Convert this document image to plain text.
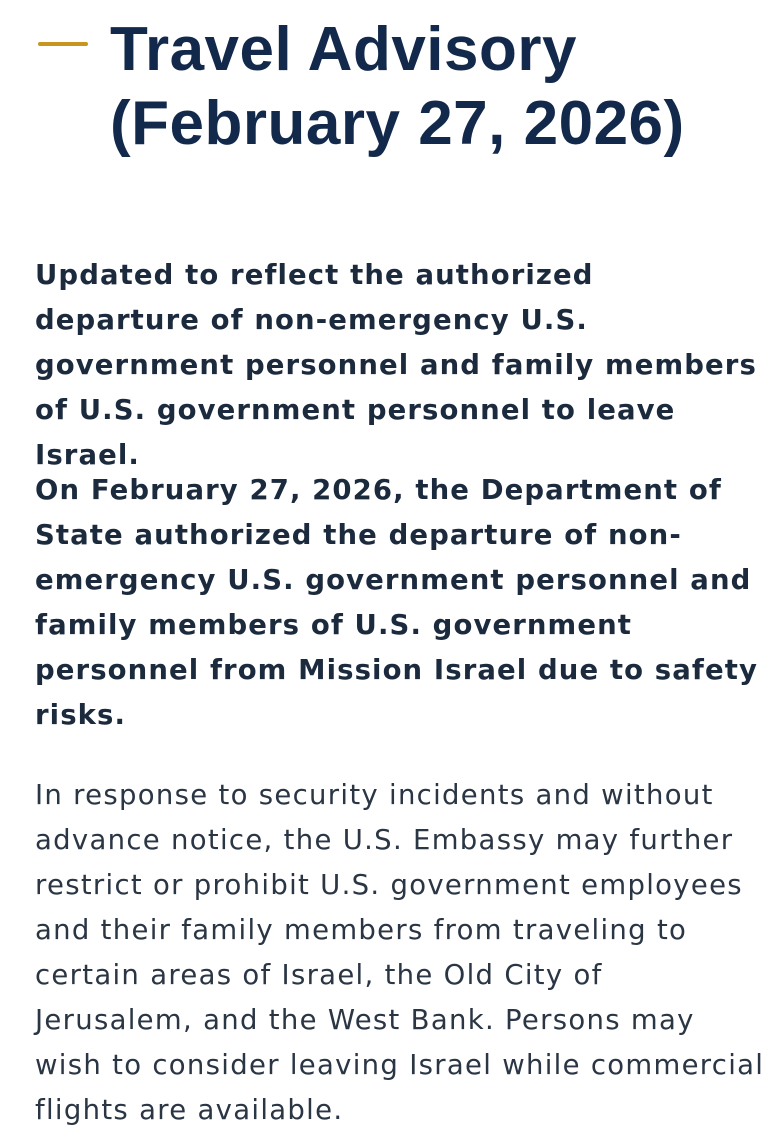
Travel Advisory
(February 27, 2026)

Updated to reflect the authorized departure of non-emergency U.S. government personnel and family members of U.S. government personnel to leave Israel.

On February 27, 2026, the Department of State authorized the departure of non-emergency U.S. government personnel and family members of U.S. government personnel from Mission Israel due to safety risks.

In response to security incidents and without advance notice, the U.S. Embassy may further restrict or prohibit U.S. government employees and their family members from traveling to certain areas of Israel, the Old City of Jerusalem, and the West Bank. Persons may wish to consider leaving Israel while commercial flights are available.
